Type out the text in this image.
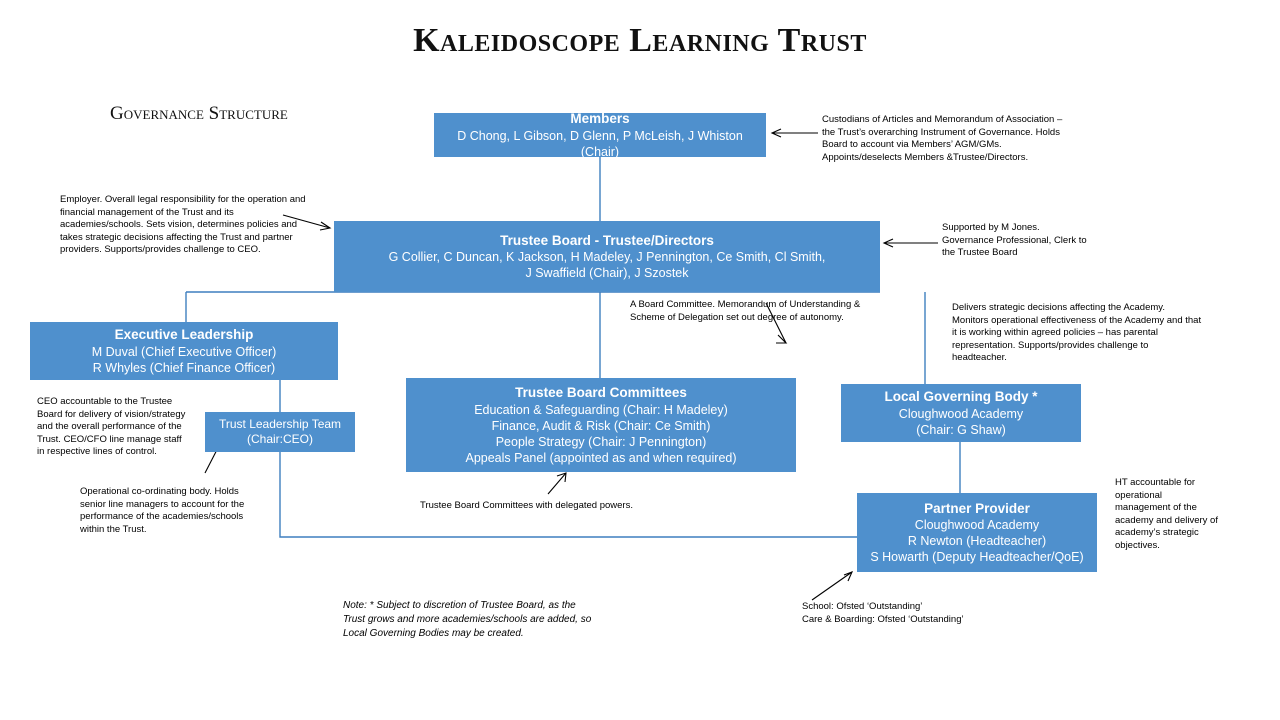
Kaleidoscope Learning Trust
Governance Structure	Members
D Chong, L Gibson, D Glenn, P McLeish, J Whiston (Chair)
Trustee Board - Trustee/Directors
G Collier, C Duncan, K Jackson, H Madeley, J Pennington, Ce Smith, Cl Smith,
J Swaffield (Chair), J Szostek
Executive Leadership
M Duval (Chief Executive Officer)
R Whyles (Chief Finance Officer)
Trust Leadership Team
(Chair:CEO)
Trustee Board Committees
Education & Safeguarding (Chair: H Madeley)
Finance, Audit & Risk (Chair: Ce Smith)
People Strategy (Chair: J Pennington)
Appeals Panel (appointed as and when required)
Local Governing Body *
Cloughwood Academy
(Chair: G Shaw)
Partner Provider
Cloughwood Academy
R Newton (Headteacher)
S Howarth (Deputy Headteacher/QoE)
Custodians of Articles and Memorandum of Association – the Trust’s overarching Instrument of Governance. Holds Board to account via Members’ AGM/GMs. Appoints/deselects Members &Trustee/Directors.
Employer. Overall legal responsibility for the operation and financial management of the Trust and its academies/schools. Sets vision, determines policies and takes strategic decisions affecting the Trust and partner providers. Supports/provides challenge to CEO.
Supported by M Jones. Governance Professional, Clerk to the Trustee Board
A Board Committee. Memorandum of Understanding & Scheme of Delegation set out degree of autonomy.
Delivers strategic decisions affecting the Academy. Monitors operational effectiveness of the Academy and that it is working within agreed policies – has parental representation. Supports/provides challenge to headteacher.
CEO accountable to the Trustee Board for delivery of vision/strategy and the overall performance of the Trust. CEO/CFO line manage staff in respective lines of control.
Operational co-ordinating body. Holds senior line managers to account for the performance of the academies/schools within the Trust.
Trustee Board Committees with delegated powers.
HT accountable for operational management of the academy and delivery of academy’s strategic objectives.
School: Ofsted ‘Outstanding’
Care & Boarding: Ofsted ‘Outstanding’
Note: * Subject to discretion of Trustee Board, as the
Trust grows and more academies/schools are added, so
Local Governing Bodies may be created.
